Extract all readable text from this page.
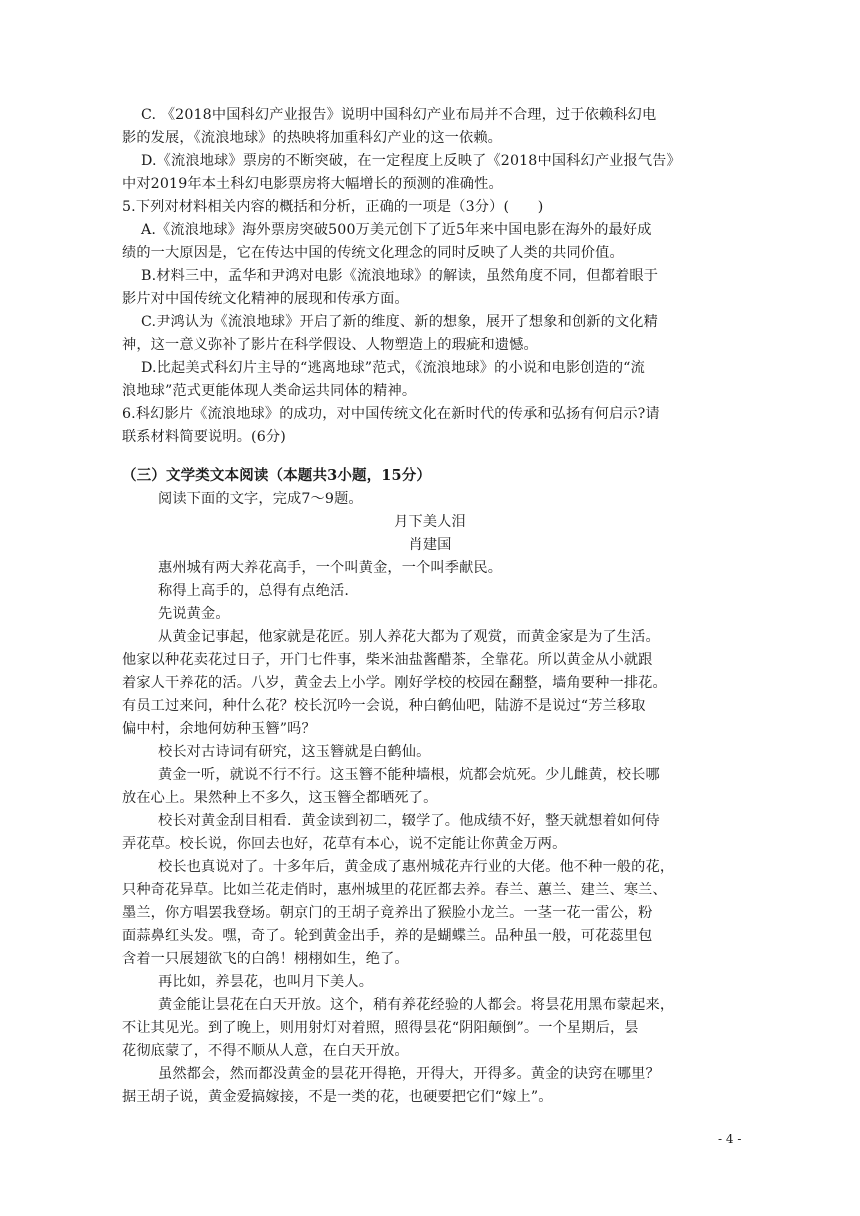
C. 《2018中国科幻产业报告》说明中国科幻产业布局并不合理，过于依赖科幻电
影的发展，《流浪地球》的热映将加重科幻产业的这一依赖。
D.《流浪地球》票房的不断突破，在一定程度上反映了《2018中国科幻产业报气告》
中对2019年本土科幻电影票房将大幅增长的预测的准确性。
5.下列对材料相关内容的概括和分析，正确的一项是（3分）(　　)
A.《流浪地球》海外票房突破500万美元创下了近5年来中国电影在海外的最好成
绩的一大原因是，它在传达中国的传统文化理念的同时反映了人类的共同价值。
B.材料三中，孟华和尹鸿对电影《流浪地球》的解读，虽然角度不同，但都着眼于
影片对中国传统文化精神的展现和传承方面。
C.尹鸿认为《流浪地球》开启了新的维度、新的想象，展开了想象和创新的文化精
神，这一意义弥补了影片在科学假设、人物塑造上的瑕疵和遗憾。
D.比起美式科幻片主导的“逃离地球”范式，《流浪地球》的小说和电影创造的“流
浪地球”范式更能体现人类命运共同体的精神。
6.科幻影片《流浪地球》的成功，对中国传统文化在新时代的传承和弘扬有何启示?请
联系材料简要说明。(6分)
（三）文学类文本阅读（本题共3小题，15分）
阅读下面的文字，完成7～9题。
月下美人泪
肖建国
惠州城有两大养花高手，一个叫黄金，一个叫季献民。
称得上高手的，总得有点绝活.
先说黄金。
从黄金记事起，他家就是花匠。别人养花大都为了观赏，而黄金家是为了生活。
他家以种花卖花过日子，开门七件事，柴米油盐酱醋茶，全靠花。所以黄金从小就跟
着家人干养花的活。八岁，黄金去上小学。刚好学校的校园在翻整，墙角要种一排花。
有员工过来问，种什么花？校长沉吟一会说，种白鹤仙吧，陆游不是说过“芳兰移取
偏中村，余地何妨种玉簪”吗？
校长对古诗词有研究，这玉簪就是白鹤仙。
黄金一听，就说不行不行。这玉簪不能种墙根，炕都会炕死。少儿雌黄，校长哪
放在心上。果然种上不多久，这玉簪全都晒死了。
校长对黄金刮目相看．黄金读到初二，辍学了。他成绩不好，整天就想着如何侍
弄花草。校长说，你回去也好，花草有本心，说不定能让你黄金万两。
校长也真说对了。十多年后，黄金成了惠州城花卉行业的大佬。他不种一般的花，
只种奇花异草。比如兰花走俏时，惠州城里的花匠都去养。春兰、蕙兰、建兰、寒兰、
墨兰，你方唱罢我登场。朝京门的王胡子竟养出了猴脸小龙兰。一茎一花一雷公，粉
面蒜鼻红头发。嘿，奇了。轮到黄金出手，养的是蝴蝶兰。品种虽一般，可花蕊里包
含着一只展翅欲飞的白鸽！栩栩如生，绝了。
再比如，养昙花，也叫月下美人。
黄金能让昙花在白天开放。这个，稍有养花经验的人都会。将昙花用黑布蒙起来，
不让其见光。到了晚上，则用射灯对着照，照得昙花“阴阳颠倒”。一个星期后，昙
花彻底蒙了，不得不顺从人意，在白天开放。
虽然都会，然而都没黄金的昙花开得艳，开得大，开得多。黄金的诀窍在哪里？
据王胡子说，黄金爱搞嫁接，不是一类的花，也硬要把它们“嫁上”。
- 4 -
